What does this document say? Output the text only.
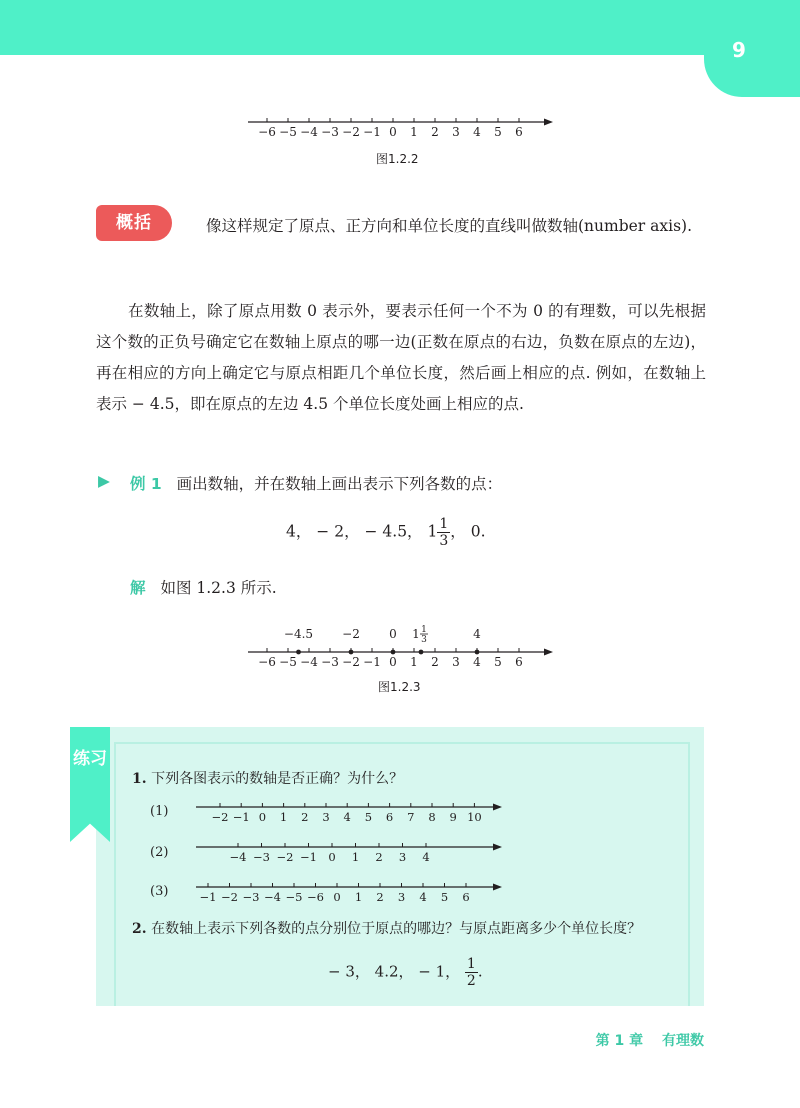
9
−6 −5 −4 −3 −2 −1 0 1 2 3 4 5 6
图1.2.2
概括	像这样规定了原点、正方向和单位长度的直线叫做数轴(number axis).
在数轴上，除了原点用数 0 表示外，要表示任何一个不为 0 的有理数，可以先根据这个数的正负号确定它在数轴上原点的哪一边(正数在原点的右边，负数在原点的左边)，再在相应的方向上确定它与原点相距几个单位长度，然后画上相应的点. 例如，在数轴上表示 − 4.5，即在原点的左边 4.5 个单位长度处画上相应的点.
▶ 例 1 画出数轴，并在数轴上画出表示下列各数的点：
4， − 2， − 4.5， $1 \frac{1}{3}$ ， 0.
解 如图 1.2.3 所示.
−6 −5 −4 −3 −2 −1 0 1 2 3 4 5 6
−4.5 −2 0 1 1
3	4
图1.2.3
练习
1. 下列各图表示的数轴是否正确？为什么？
(1)	−2 −1 0 1 2 3 4 5 6 7 8 9 10
(2)	−4 −3 −2 −1 0 1 2 3 4
(3)	−1 −2 −3 −4 −5 −6 0 1 2 3 4 5 6
2. 在数轴上表示下列各数的点分别位于原点的哪边？与原点距离多少个单位长度？
− 3， 4.2， − 1， $\frac{1}{2}$ .
第 1 章 有理数
